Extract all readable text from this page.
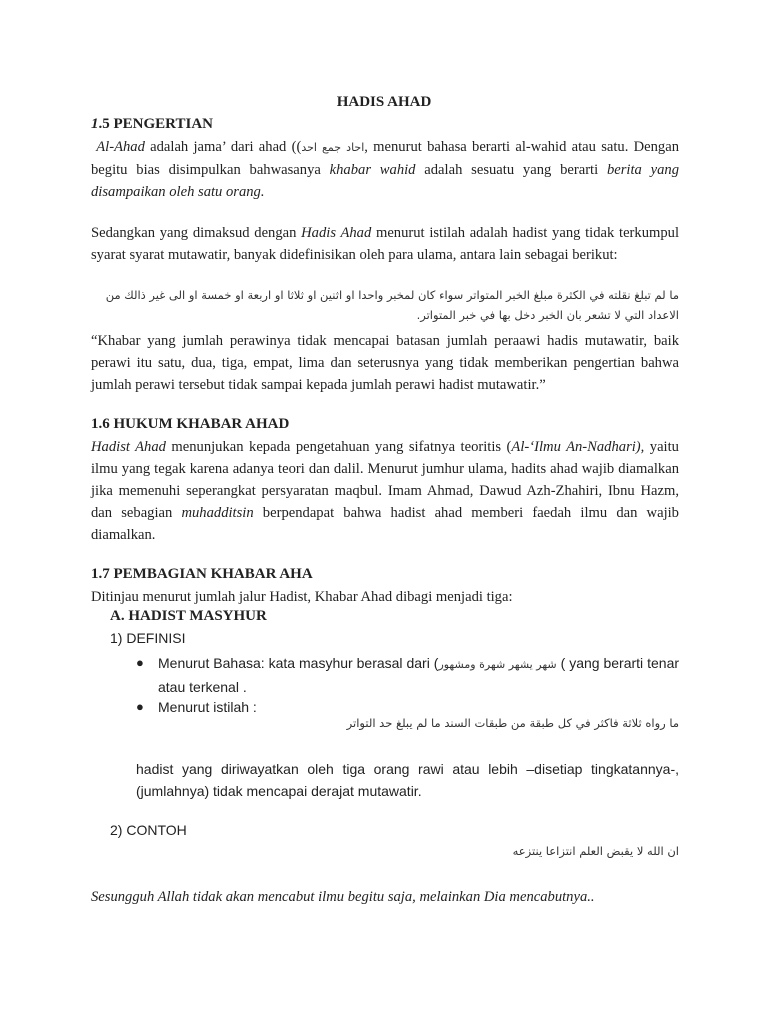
HADIS AHAD
1.5 PENGERTIAN
Al-Ahad adalah jama’ dari ahad ((احاد جمع احد, menurut bahasa berarti al-wahid atau satu. Dengan begitu bias disimpulkan bahwasanya khabar wahid adalah sesuatu yang berarti berita yang disampaikan oleh satu orang.
Sedangkan yang dimaksud dengan Hadis Ahad menurut istilah adalah hadist yang tidak terkumpul syarat syarat mutawatir, banyak didefinisikan oleh para ulama, antara lain sebagai berikut:
ما لم تبلغ نقلته في الكثرة مبلغ الخبر المتواتر سواء كان لمخبر واحدا او اثنين او ثلاثا او اربعة او خمسة او الى غير ذالك من
الاعداد التي لا تشعر بان الخبر دخل بها في خبر المتواتر.
“Khabar yang jumlah perawinya tidak mencapai batasan jumlah peraawi hadis mutawatir, baik perawi itu satu, dua, tiga, empat, lima dan seterusnya yang tidak memberikan pengertian bahwa jumlah perawi tersebut tidak sampai kepada jumlah perawi hadist mutawatir.”
1.6 HUKUM KHABAR AHAD
Hadist Ahad menunjukan kepada pengetahuan yang sifatnya teoritis (Al-‘Ilmu An-Nadhari), yaitu ilmu yang tegak karena adanya teori dan dalil. Menurut jumhur ulama, hadits ahad wajib diamalkan jika memenuhi seperangkat persyaratan maqbul. Imam Ahmad, Dawud Azh-Zhahiri, Ibnu Hazm, dan sebagian muhadditsin berpendapat bahwa hadist ahad memberi faedah ilmu dan wajib diamalkan.
1.7 PEMBAGIAN KHABAR AHA
Ditinjau menurut jumlah jalur Hadist, Khabar Ahad dibagi menjadi tiga:
A. HADIST MASYHUR
1) DEFINISI
● Menurut Bahasa: kata masyhur berasal dari (شهر يشهر شهرة ومشهور ( yang berarti tenar atau terkenal .
● Menurut istilah :
ما رواه ثلاثة فاكثر في كل طبقة من طبقات السند ما لم يبلغ حد التواتر
hadist yang diriwayatkan oleh tiga orang rawi atau lebih –disetiap tingkatannya-, (jumlahnya) tidak mencapai derajat mutawatir.
2) CONTOH
ان الله لا يقبض العلم انتزاعا ينتزعه
Sesungguh Allah tidak akan mencabut ilmu begitu saja, melainkan Dia mencabutnya..
